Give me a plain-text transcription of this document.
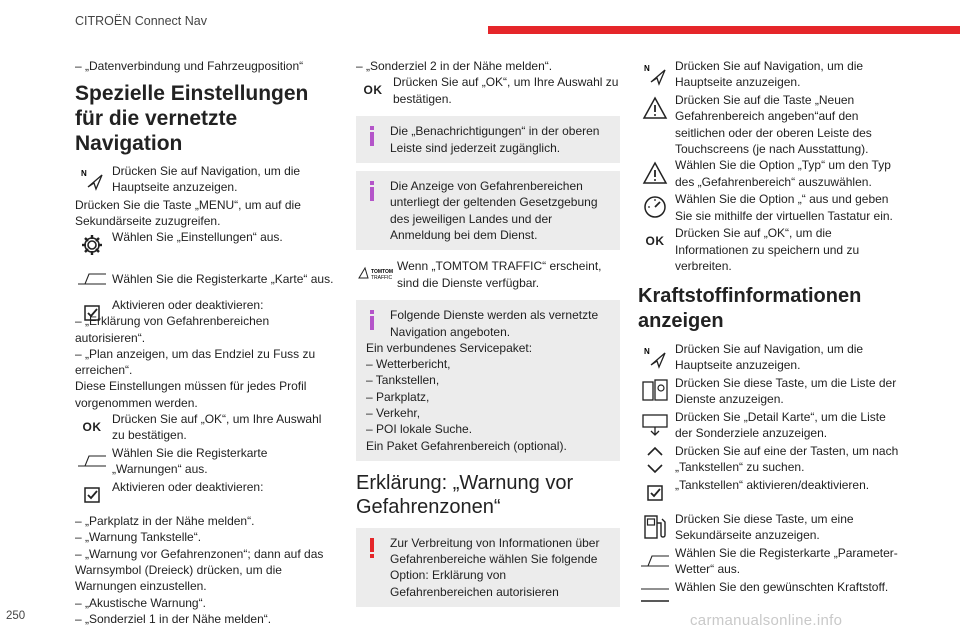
CITROËN Connect Nav

– „Datenverbindung und Fahrzeugposition“

Spezielle Einstellungen für die vernetzte Navigation
N Drücken Sie auf Navigation, um die Hauptseite anzuzeigen.

Drücken Sie die Taste „MENU“, um auf die Sekundärseite zuzugreifen.

Wählen Sie „Einstellungen“ aus.
Wählen Sie die Registerkarte „Karte“ aus.
Aktivieren oder deaktivieren:

– „Erklärung von Gefahrenbereichen autorisieren“.

– „Plan anzeigen, um das Endziel zu Fuss zu erreichen“.

Diese Einstellungen müssen für jedes Profil vorgenommen werden.

OK
Drücken Sie auf „OK“, um Ihre Auswahl zu bestätigen.
Wählen Sie die Registerkarte „Warnungen“ aus.
Aktivieren oder deaktivieren:

– „Parkplatz in der Nähe melden“.

– „Warnung Tankstelle“.

– „Warnung vor Gefahrenzonen“; dann auf das Warnsymbol (Dreieck) drücken, um die Warnungen einzustellen.

– „Akustische Warnung“.

– „Sonderziel 1 in der Nähe melden“.

– „Sonderziel 2 in der Nähe melden“.

OK
Drücken Sie auf „OK“, um Ihre Auswahl zu bestätigen.
Die „Benachrichtigungen“ in der oberen Leiste sind jederzeit zugänglich.
Die Anzeige von Gefahrenbereichen unterliegt der geltenden Gesetzgebung des jeweiligen Landes und der Anmeldung bei dem Dienst.
TOMTOM
TRAFFIC
Wenn „TOMTOM TRAFFIC“ erscheint, sind die Dienste verfügbar.
Folgende Dienste werden als vernetzte Navigation angeboten.
Ein verbundenes Servicepaket:
– Wetterbericht,
– Tankstellen,
– Parkplatz,
– Verkehr,
– POI lokale Suche.
Ein Paket Gefahrenbereich (optional).
Erklärung: „Warnung vor Gefahrenzonen“
Zur Verbreitung von Informationen über Gefahrenbereiche wählen Sie folgende Option: Erklärung von Gefahrenbereichen autorisieren
N Drücken Sie auf Navigation, um die Hauptseite anzuzeigen.
Drücken Sie auf die Taste „Neuen Gefahrenbereich angeben“auf den seitlichen oder der oberen Leiste des Touchscreens (je nach Ausstattung).
Wählen Sie die Option „Typ“ um den Typ des „Gefahrenbereich“ auszuwählen.
Wählen Sie die Option „“ aus und geben Sie sie mithilfe der virtuellen Tastatur ein.
OK
Drücken Sie auf „OK“, um die Informationen zu speichern und zu verbreiten.
Kraftstoffinformationen anzeigen
N Drücken Sie auf Navigation, um die Hauptseite anzuzeigen.
Drücken Sie diese Taste, um die Liste der Dienste anzuzeigen.
Drücken Sie „Detail Karte“, um die Liste der Sonderziele anzuzeigen.
Drücken Sie auf eine der Tasten, um nach „Tankstellen“ zu suchen.
„Tankstellen“ aktivieren/deaktivieren.
Drücken Sie diese Taste, um eine Sekundärseite anzuzeigen.
Wählen Sie die Registerkarte „Parameter-Wetter“ aus.
Wählen Sie den gewünschten Kraftstoff.
250	carmanualsonline.info
